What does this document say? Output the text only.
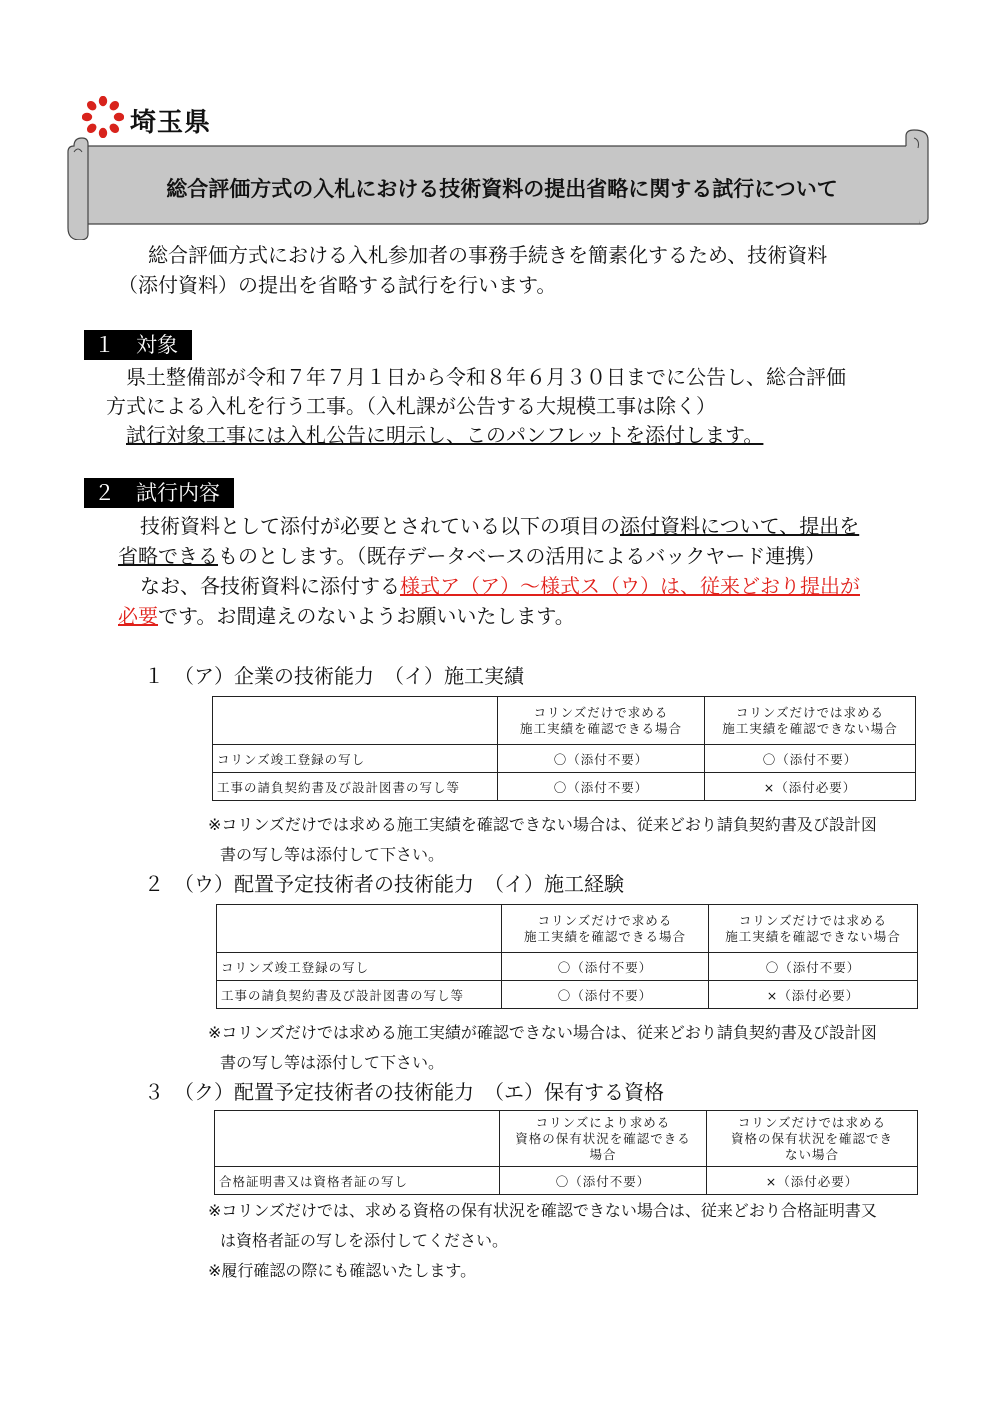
埼玉県
総合評価方式の入札における技術資料の提出省略に関する試行について
総合評価方式における入札参加者の事務手続きを簡素化するため、技術資料
（添付資料）の提出を省略する試行を行います。
１　対象
県土整備部が令和７年７月１日から令和８年６月３０日までに公告し、総合評価
方式による入札を行う工事。（入札課が公告する大規模工事は除く）
試行対象工事には入札公告に明示し、このパンフレットを添付します。
２　試行内容
技術資料として添付が必要とされている以下の項目の添付資料について、提出を
省略できるものとします。（既存データベースの活用によるバックヤード連携）
なお、各技術資料に添付する様式ア（ア）～様式ス（ウ）は、従来どおり提出が
必要です。お間違えのないようお願いいたします。
１　（ア）企業の技術能力　（イ）施工実績
	コリンズだけで求める
施工実績を確認できる場合	コリンズだけでは求める
施工実績を確認できない場合
コリンズ竣工登録の写し	〇（添付不要）	〇（添付不要）
工事の請負契約書及び設計図書の写し等	〇（添付不要）	×（添付必要）
※コリンズだけでは求める施工実績を確認できない場合は、従来どおり請負契約書及び設計図
書の写し等は添付して下さい。
２　（ウ）配置予定技術者の技術能力　（イ）施工経験
	コリンズだけで求める
施工実績を確認できる場合	コリンズだけでは求める
施工実績を確認できない場合
コリンズ竣工登録の写し	〇（添付不要）	〇（添付不要）
工事の請負契約書及び設計図書の写し等	〇（添付不要）	×（添付必要）
※コリンズだけでは求める施工実績が確認できない場合は、従来どおり請負契約書及び設計図
書の写し等は添付して下さい。
３　（ク）配置予定技術者の技術能力　（エ）保有する資格
	コリンズにより求める
資格の保有状況を確認できる
場合	コリンズだけでは求める
資格の保有状況を確認でき
ない場合
合格証明書又は資格者証の写し	〇（添付不要）	×（添付必要）
※コリンズだけでは、求める資格の保有状況を確認できない場合は、従来どおり合格証明書又
は資格者証の写しを添付してください。
※履行確認の際にも確認いたします。
